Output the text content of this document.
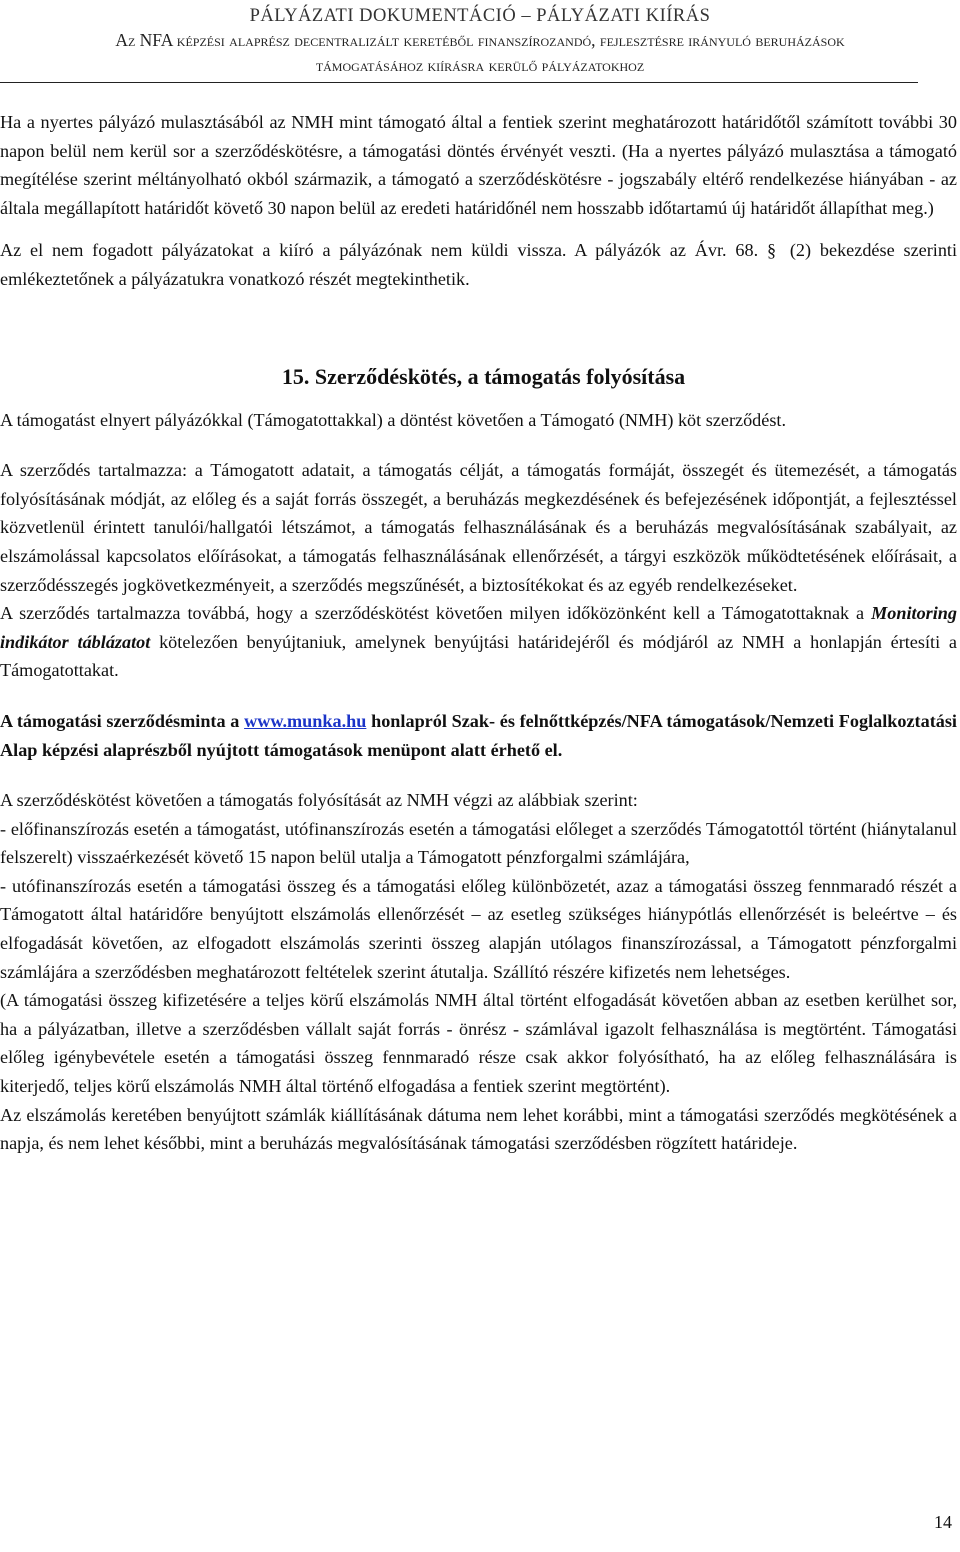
PÁLYÁZATI DOKUMENTÁCIÓ – PÁLYÁZATI KIÍRÁS
Az NFA képzési alaprész decentralizált keretéből finanszírozandó, fejlesztésre irányuló beruházások
támogatásához kiírásra kerülő pályázatokhoz

Ha a nyertes pályázó mulasztásából az NMH mint támogató által a fentiek szerint meghatározott határidőtől számított további 30 napon belül nem kerül sor a szerződéskötésre, a támogatási döntés érvényét veszti. (Ha a nyertes pályázó mulasztása a támogató megítélése szerint méltányolható okból származik, a támogató a szerződéskötésre - jogszabály eltérő rendelkezése hiányában - az általa megállapított határidőt követő 30 napon belül az eredeti határidőnél nem hosszabb időtartamú új határidőt állapíthat meg.)

Az el nem fogadott pályázatokat a kiíró a pályázónak nem küldi vissza. A pályázók az Ávr. 68. § (2) bekezdése szerinti emlékeztetőnek a pályázatukra vonatkozó részét megtekinthetik.

15. Szerződéskötés, a támogatás folyósítása

A támogatást elnyert pályázókkal (Támogatottakkal) a döntést követően a Támogató (NMH) köt szerződést.

A szerződés tartalmazza: a Támogatott adatait, a támogatás célját, a támogatás formáját, összegét és ütemezését, a támogatás folyósításának módját, az előleg és a saját forrás összegét, a beruházás megkezdésének és befejezésének időpontját, a fejlesztéssel közvetlenül érintett tanulói/hallgatói létszámot, a támogatás felhasználásának és a beruházás megvalósításának szabályait, az elszámolással kapcsolatos előírásokat, a támogatás felhasználásának ellenőrzését, a tárgyi eszközök működtetésének előírásait, a szerződésszegés jogkövetkezményeit, a szerződés megszűnését, a biztosítékokat és az egyéb rendelkezéseket.

A szerződés tartalmazza továbbá, hogy a szerződéskötést követően milyen időközönként kell a Támogatottaknak a Monitoring indikátor táblázatot kötelezően benyújtaniuk, amelynek benyújtási határidejéről és módjáról az NMH a honlapján értesíti a Támogatottakat.

A támogatási szerződésminta a www.munka.hu honlapról Szak- és felnőttképzés/NFA támogatások/Nemzeti Foglalkoztatási Alap képzési alaprészből nyújtott támogatások menüpont alatt érhető el.

A szerződéskötést követően a támogatás folyósítását az NMH végzi az alábbiak szerint:

- előfinanszírozás esetén a támogatást, utófinanszírozás esetén a támogatási előleget a szerződés Támogatottól történt (hiánytalanul felszerelt) visszaérkezését követő 15 napon belül utalja a Támogatott pénzforgalmi számlájára,

- utófinanszírozás esetén a támogatási összeg és a támogatási előleg különbözetét, azaz a támogatási összeg fennmaradó részét a Támogatott által határidőre benyújtott elszámolás ellenőrzését – az esetleg szükséges hiánypótlás ellenőrzését is beleértve – és elfogadását követően, az elfogadott elszámolás szerinti összeg alapján utólagos finanszírozással, a Támogatott pénzforgalmi számlájára a szerződésben meghatározott feltételek szerint átutalja. Szállító részére kifizetés nem lehetséges.

(A támogatási összeg kifizetésére a teljes körű elszámolás NMH által történt elfogadását követően abban az esetben kerülhet sor, ha a pályázatban, illetve a szerződésben vállalt saját forrás - önrész - számlával igazolt felhasználása is megtörtént. Támogatási előleg igénybevétele esetén a támogatási összeg fennmaradó része csak akkor folyósítható, ha az előleg felhasználására is kiterjedő, teljes körű elszámolás NMH által történő elfogadása a fentiek szerint megtörtént).

Az elszámolás keretében benyújtott számlák kiállításának dátuma nem lehet korábbi, mint a támogatási szerződés megkötésének a napja, és nem lehet későbbi, mint a beruházás megvalósításának támogatási szerződésben rögzített határideje.

14
